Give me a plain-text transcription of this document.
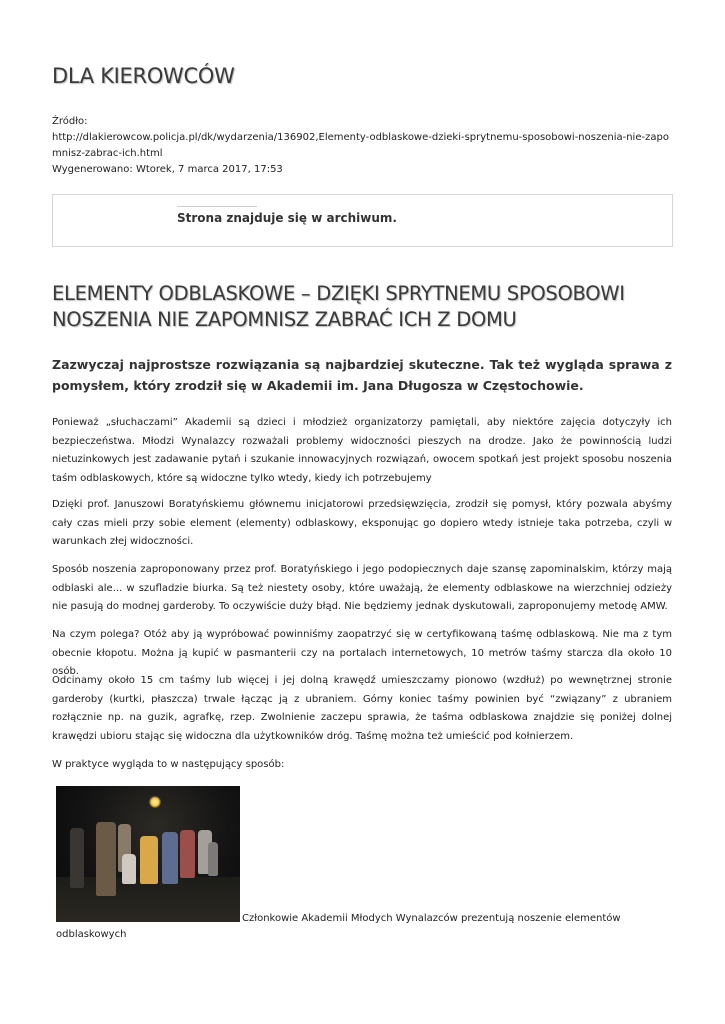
DLA KIEROWCÓW
Źródło:
http://dlakierowcow.policja.pl/dk/wydarzenia/136902,Elementy-odblaskowe-dzieki-sprytnemu-sposobowi-noszenia-nie-zapomnisz-zabrac-ich.html
Wygenerowano: Wtorek, 7 marca 2017, 17:53
Strona znajduje się w archiwum.
ELEMENTY ODBLASKOWE – DZIĘKI SPRYTNEMU SPOSOBOWI NOSZENIA NIE ZAPOMNISZ ZABRAĆ ICH Z DOMU

Zazwyczaj najprostsze rozwiązania są najbardziej skuteczne. Tak też wygląda sprawa z pomysłem, który zrodził się w Akademii im. Jana Długosza w Częstochowie.

Ponieważ „słuchaczami” Akademii są dzieci i młodzież organizatorzy pamiętali, aby niektóre zajęcia dotyczyły ich bezpieczeństwa. Młodzi Wynalazcy rozważali problemy widoczności pieszych na drodze. Jako że powinnością ludzi nietuzinkowych jest zadawanie pytań i szukanie innowacyjnych rozwiązań, owocem spotkań jest projekt sposobu noszenia taśm odblaskowych, które są widoczne tylko wtedy, kiedy ich potrzebujemy

Dzięki prof. Januszowi Boratyńskiemu głównemu inicjatorowi przedsięwzięcia, zrodził się pomysł, który pozwala abyśmy cały czas mieli przy sobie element (elementy) odblaskowy, eksponując go dopiero wtedy istnieje taka potrzeba, czyli w warunkach złej widoczności.

Sposób noszenia zaproponowany przez prof. Boratyńskiego i jego podopiecznych daje szansę zapominalskim, którzy mają odblaski ale... w szufladzie biurka. Są też niestety osoby, które uważają, że elementy odblaskowe na wierzchniej odzieży nie pasują do modnej garderoby. To oczywiście duży błąd. Nie będziemy jednak dyskutowali, zaproponujemy metodę AMW.

Na czym polega? Otóż aby ją wypróbować powinniśmy zaopatrzyć się w certyfikowaną taśmę odblaskową. Nie ma z tym obecnie kłopotu. Można ją kupić w pasmanterii czy na portalach internetowych, 10 metrów taśmy starcza dla około 10 osób.

Odcinamy około 15 cm taśmy lub więcej i jej dolną krawędź umieszczamy pionowo (wzdłuż) po wewnętrznej stronie garderoby (kurtki, płaszcza) trwale łącząc ją z ubraniem. Górny koniec taśmy powinien być “związany” z ubraniem rozłącznie np. na guzik, agrafkę, rzep. Zwolnienie zaczepu sprawia, że taśma odblaskowa znajdzie się poniżej dolnej krawędzi ubioru stając się widoczna dla użytkowników dróg. Taśmę można też umieścić pod kołnierzem.

W praktyce wygląda to w następujący sposób:

Członkowie Akademii Młodych Wynalazców prezentują noszenie elementów odblaskowych
